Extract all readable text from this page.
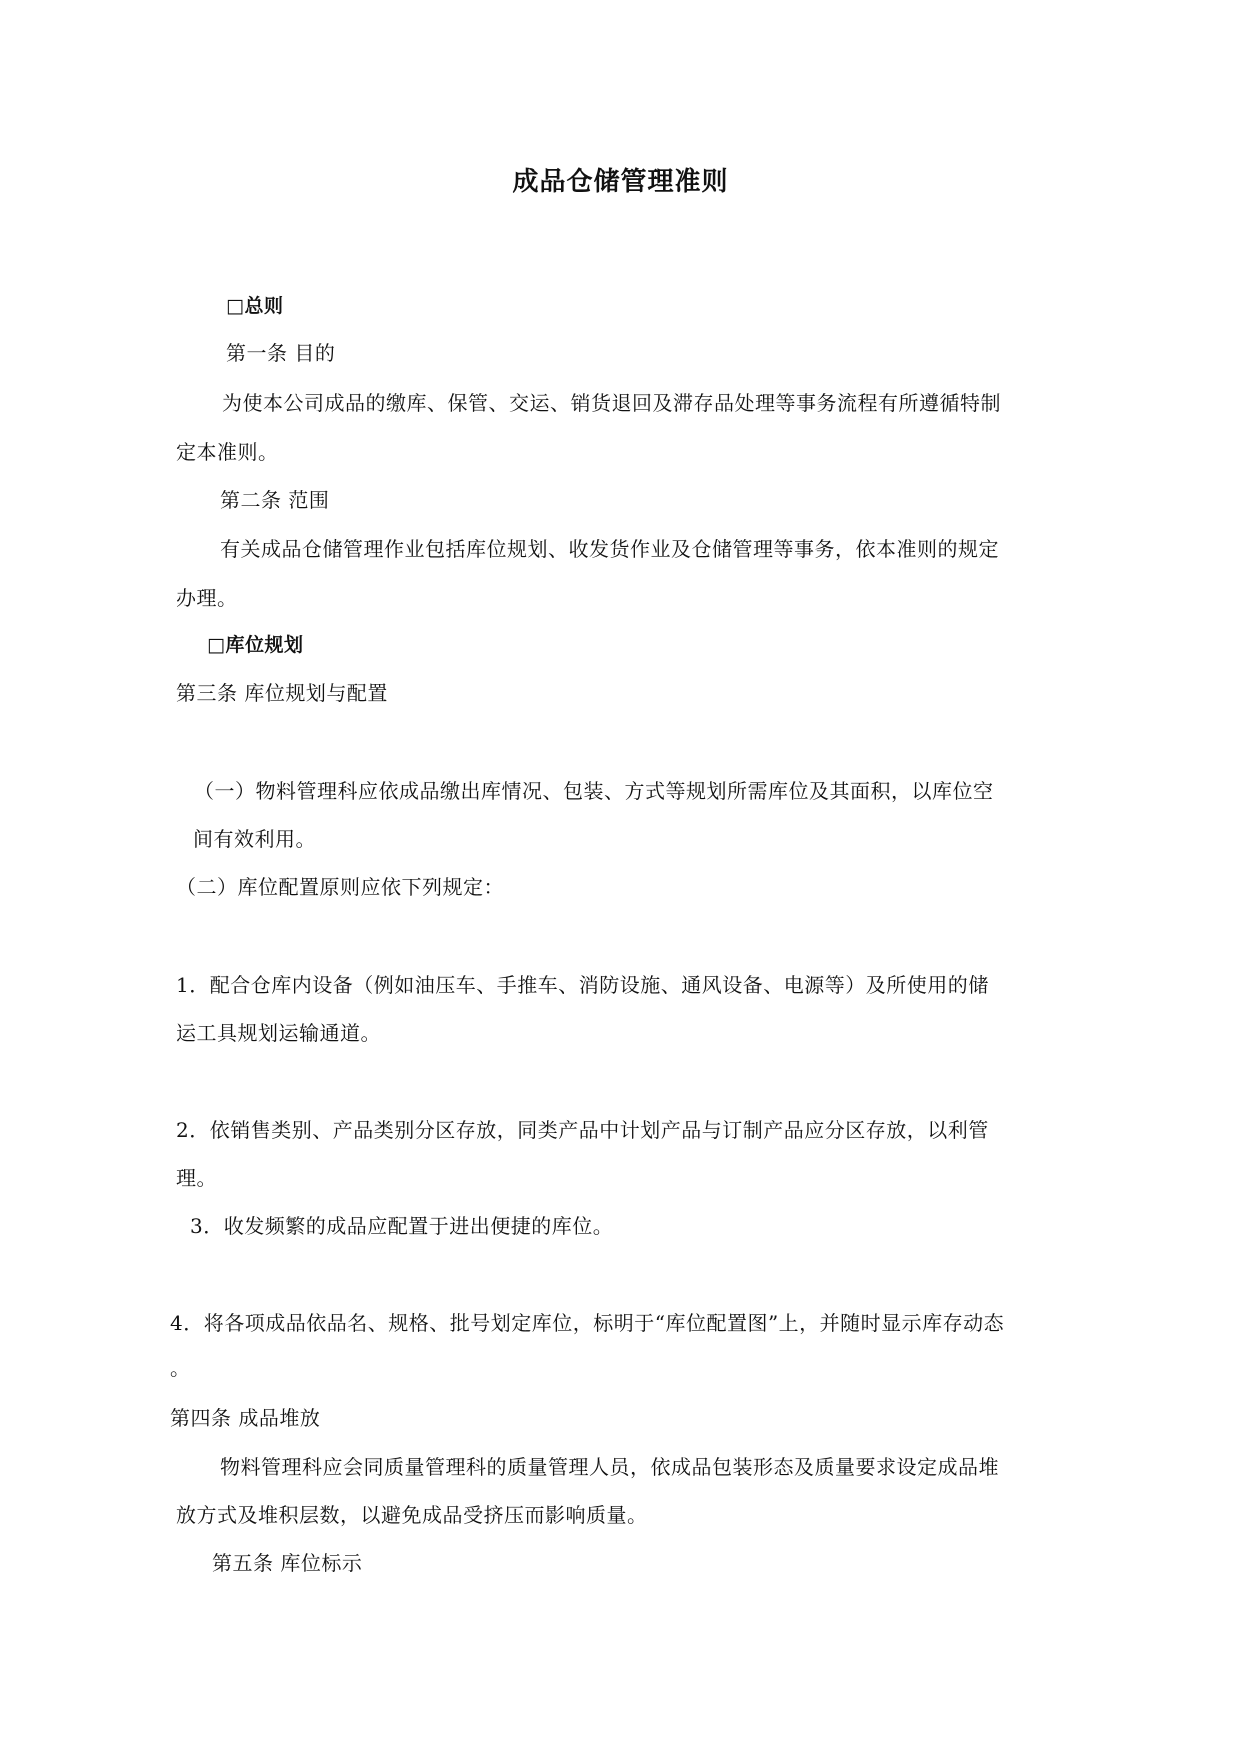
成品仓储管理准则
□总则
第一条 目的
为使本公司成品的缴库、保管、交运、销货退回及滞存品处理等事务流程有所遵循特制
定本准则。
第二条 范围
有关成品仓储管理作业包括库位规划、收发货作业及仓储管理等事务，依本准则的规定
办理。
□库位规划
第三条 库位规划与配置
（一）物料管理科应依成品缴出库情况、包装、方式等规划所需库位及其面积，以库位空
间有效利用。
（二）库位配置原则应依下列规定：
1．配合仓库内设备（例如油压车、手推车、消防设施、通风设备、电源等）及所使用的储
运工具规划运输通道。
2．依销售类别、产品类别分区存放，同类产品中计划产品与订制产品应分区存放，以利管
理。
3．收发频繁的成品应配置于进出便捷的库位。
4．将各项成品依品名、规格、批号划定库位，标明于“库位配置图”上，并随时显示库存动态
。
第四条 成品堆放
物料管理科应会同质量管理科的质量管理人员，依成品包装形态及质量要求设定成品堆
放方式及堆积层数，以避免成品受挤压而影响质量。
第五条 库位标示
